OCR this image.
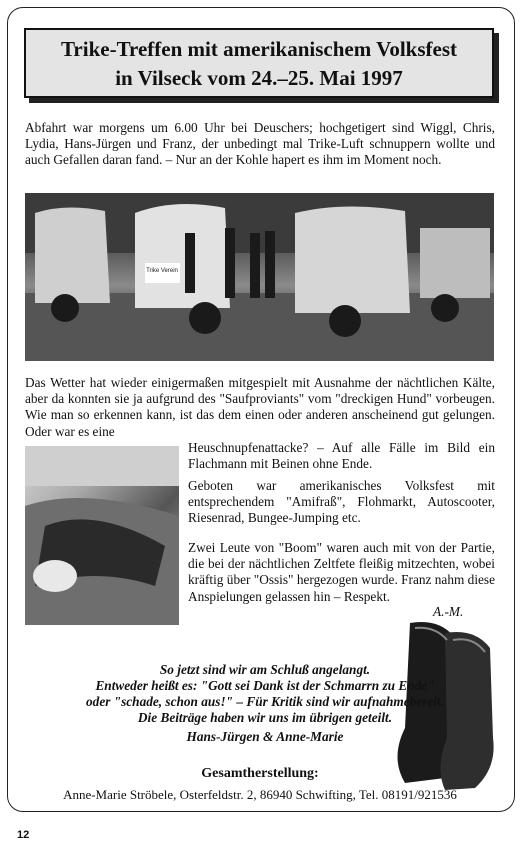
Trike-Treffen mit amerikanischem Volksfest
in Vilseck vom 24.–25. Mai 1997

Abfahrt war morgens um 6.00 Uhr bei Deuschers; hochgetigert sind Wiggl, Chris, Lydia, Hans-Jürgen und Franz, der unbedingt mal Trike-Luft schnuppern wollte und auch Gefallen daran fand. – Nur an der Kohle hapert es ihm im Moment noch.

Trike Verein

Das Wetter hat wieder einigermaßen mitgespielt mit Ausnahme der nächtlichen Kälte, aber da konnten sie ja aufgrund des "Saufproviants" vom "dreckigen Hund" vorbeugen. Wie man so erkennen kann, ist das dem einen oder anderen anscheinend gut gelungen. Oder war es eine

Heuschnupfenattacke? – Auf alle Fälle im Bild ein Flachmann mit Beinen ohne Ende.

Geboten war amerikanisches Volksfest mit entsprechendem "Amifraß", Flohmarkt, Autoscooter, Riesenrad, Bungee-Jumping etc.

Zwei Leute von "Boom" waren auch mit von der Partie, die bei der nächtlichen Zeltfete fleißig mitzechten, wobei kräftig über "Ossis" hergezogen wurde. Franz nahm diese Anspielungen gelassen hin – Respekt.

A.-M.
So jetzt sind wir am Schluß angelangt.
Entweder heißt es: "Gott sei Dank ist der Schmarrn zu Ende"
oder "schade, schon aus!" – Für Kritik sind wir aufnahmebereit.
Die Beiträge haben wir uns im übrigen geteilt.
Hans-Jürgen & Anne-Marie
Gesamtherstellung:
Anne-Marie Ströbele, Osterfeldstr. 2, 86940 Schwifting, Tel. 08191/921536
12
